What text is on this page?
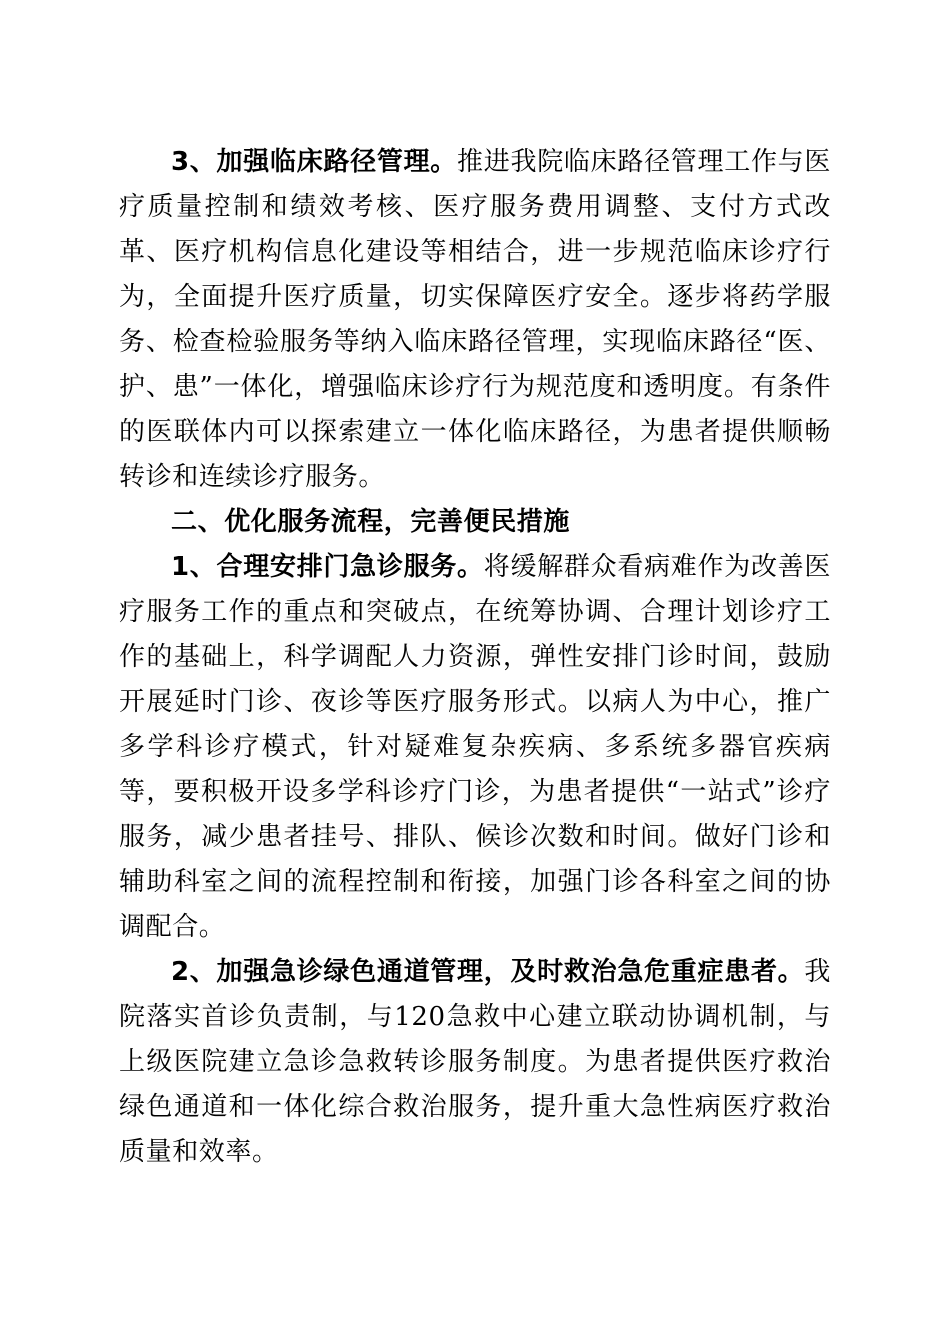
3、加强临床路径管理。推进我院临床路径管理工作与医疗质量控制和绩效考核、医疗服务费用调整、支付方式改革、医疗机构信息化建设等相结合，进一步规范临床诊疗行为，全面提升医疗质量，切实保障医疗安全。逐步将药学服务、检查检验服务等纳入临床路径管理，实现临床路径“医、护、患”一体化，增强临床诊疗行为规范度和透明度。有条件的医联体内可以探索建立一体化临床路径，为患者提供顺畅转诊和连续诊疗服务。

二、优化服务流程，完善便民措施

1、合理安排门急诊服务。将缓解群众看病难作为改善医疗服务工作的重点和突破点，在统筹协调、合理计划诊疗工作的基础上，科学调配人力资源，弹性安排门诊时间，鼓励开展延时门诊、夜诊等医疗服务形式。以病人为中心，推广多学科诊疗模式，针对疑难复杂疾病、多系统多器官疾病等，要积极开设多学科诊疗门诊，为患者提供“一站式”诊疗服务，减少患者挂号、排队、候诊次数和时间。做好门诊和辅助科室之间的流程控制和衔接，加强门诊各科室之间的协调配合。

2、加强急诊绿色通道管理，及时救治急危重症患者。我院落实首诊负责制，与120急救中心建立联动协调机制，与上级医院建立急诊急救转诊服务制度。为患者提供医疗救治绿色通道和一体化综合救治服务，提升重大急性病医疗救治质量和效率。
